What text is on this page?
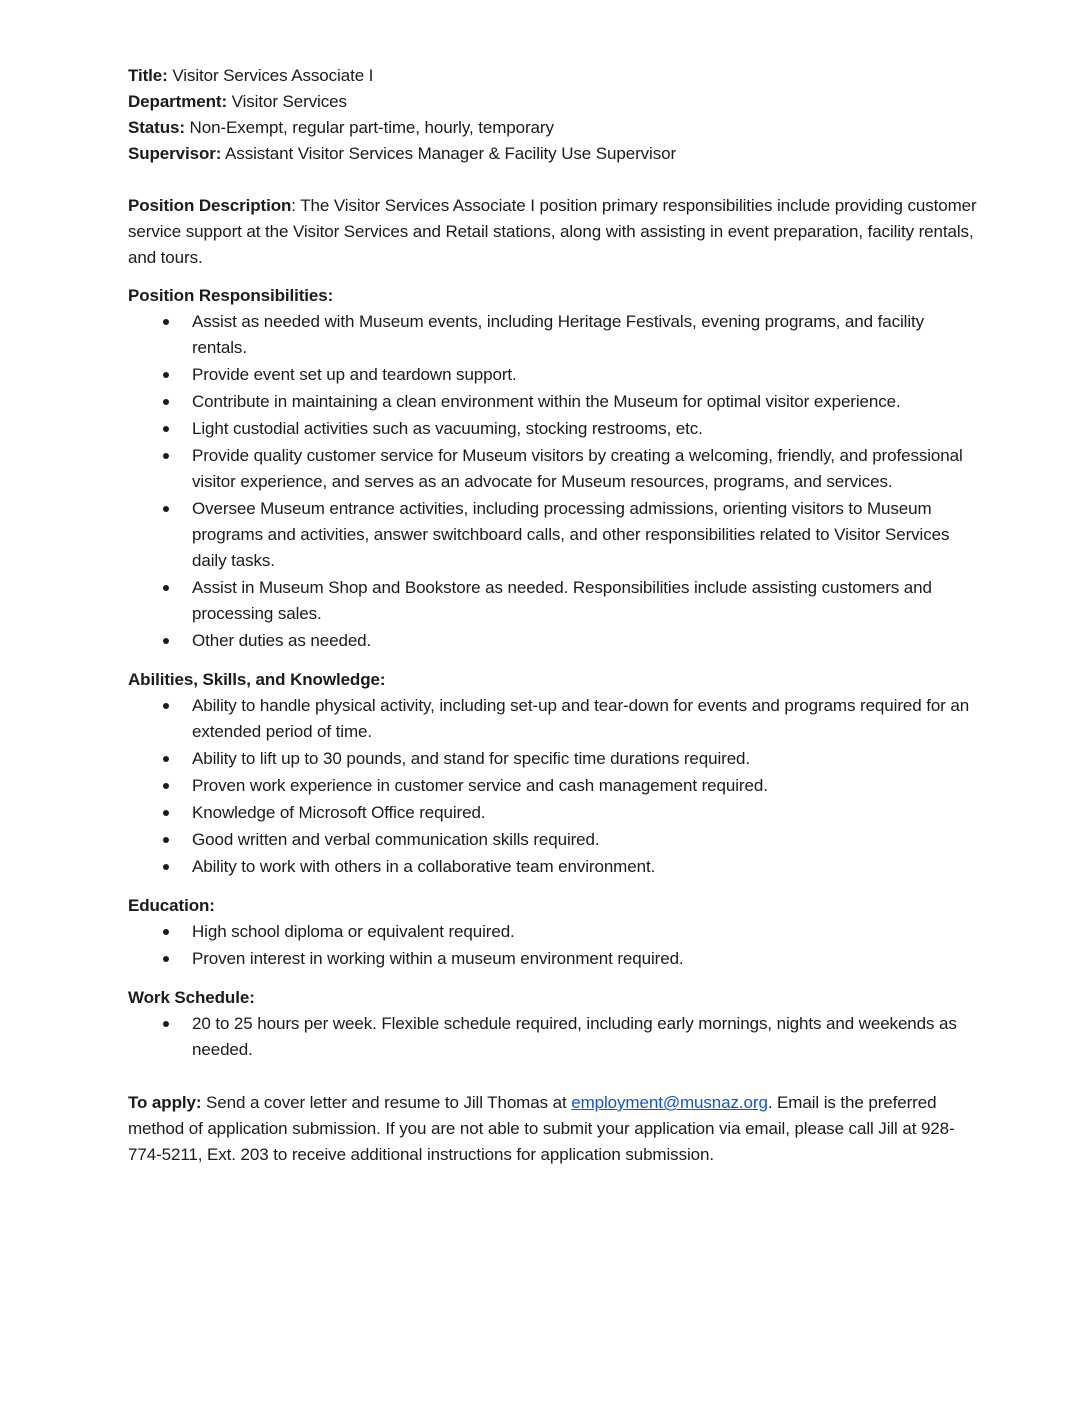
Title: Visitor Services Associate I
Department: Visitor Services
Status: Non-Exempt, regular part-time, hourly, temporary
Supervisor: Assistant Visitor Services Manager & Facility Use Supervisor

Position Description: The Visitor Services Associate I position primary responsibilities include providing customer service support at the Visitor Services and Retail stations, along with assisting in event preparation, facility rentals, and tours.

Position Responsibilities:
Assist as needed with Museum events, including Heritage Festivals, evening programs, and facility rentals.
Provide event set up and teardown support.
Contribute in maintaining a clean environment within the Museum for optimal visitor experience.
Light custodial activities such as vacuuming, stocking restrooms, etc.
Provide quality customer service for Museum visitors by creating a welcoming, friendly, and professional visitor experience, and serves as an advocate for Museum resources, programs, and services.
Oversee Museum entrance activities, including processing admissions, orienting visitors to Museum programs and activities, answer switchboard calls, and other responsibilities related to Visitor Services daily tasks.
Assist in Museum Shop and Bookstore as needed. Responsibilities include assisting customers and processing sales.
Other duties as needed.
Abilities, Skills, and Knowledge:
Ability to handle physical activity, including set-up and tear-down for events and programs required for an extended period of time.
Ability to lift up to 30 pounds, and stand for specific time durations required.
Proven work experience in customer service and cash management required.
Knowledge of Microsoft Office required.
Good written and verbal communication skills required.
Ability to work with others in a collaborative team environment.
Education:
High school diploma or equivalent required.
Proven interest in working within a museum environment required.
Work Schedule:
20 to 25 hours per week. Flexible schedule required, including early mornings, nights and weekends as needed.

To apply: Send a cover letter and resume to Jill Thomas at employment@musnaz.org. Email is the preferred method of application submission. If you are not able to submit your application via email, please call Jill at 928-774-5211, Ext. 203 to receive additional instructions for application submission.
